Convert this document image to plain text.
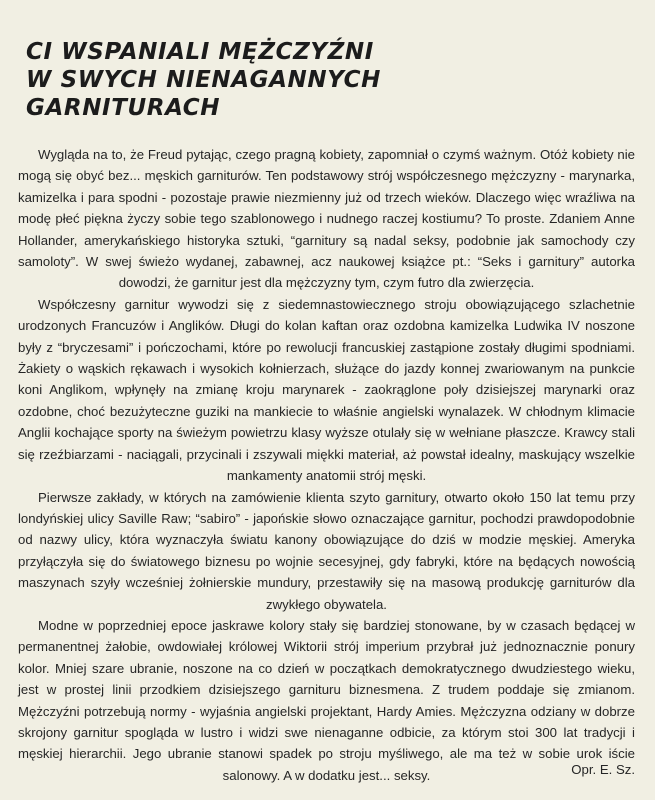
CI WSPANIALI MĘŻCZYŹNI
W SWYCH NIENAGANNYCH
GARNITURACH

Wygląda na to, że Freud pytając, czego pragną kobiety, zapomniał o czymś ważnym. Otóż kobiety nie mogą się obyć bez... męskich garniturów. Ten podstawowy strój współczesnego mężczyzny - marynarka, kamizelka i para spodni - pozostaje prawie niezmienny już od trzech wieków. Dlaczego więc wraźliwa na modę płeć piękna życzy sobie tego szablonowego i nudnego raczej kostiumu? To proste. Zdaniem Anne Hollander, amerykańskiego historyka sztuki, “garnitury są nadal seksy, podobnie jak samochody czy samoloty”. W swej świeżo wydanej, zabawnej, acz naukowej książce pt.: “Seks i garnitury” autorka dowodzi, że garnitur jest dla mężczyzny tym, czym futro dla zwierzęcia.

Współczesny garnitur wywodzi się z siedemnastowiecznego stroju obowiązującego szlachetnie urodzonych Francuzów i Anglików. Długi do kolan kaftan oraz ozdobna kamizelka Ludwika IV noszone były z “bryczesami” i pończochami, które po rewolucji francuskiej zastąpione zostały długimi spodniami. Żakiety o wąskich rękawach i wysokich kołnierzach, służące do jazdy konnej zwariowanym na punkcie koni Anglikom, wpłynęły na zmianę kroju marynarek - zaokrąglone poły dzisiejszej marynarki oraz ozdobne, choć bezużyteczne guziki na mankiecie to właśnie angielski wynalazek. W chłodnym klimacie Anglii kochające sporty na świeżym powietrzu klasy wyższe otulały się w wełniane płaszcze. Krawcy stali się rzeźbiarzami - naciągali, przycinali i zszywali miękki materiał, aż powstał idealny, maskujący wszelkie mankamenty anatomii strój męski.

Pierwsze zakłady, w których na zamówienie klienta szyto garnitury, otwarto około 150 lat temu przy londyńskiej ulicy Saville Raw; “sabiro” - japońskie słowo oznaczające garnitur, pochodzi prawdopodobnie od nazwy ulicy, która wyznaczyła światu kanony obowiązujące do dziś w modzie męskiej. Ameryka przyłączyła się do światowego biznesu po wojnie secesyjnej, gdy fabryki, które na będących nowością maszynach szyły wcześniej żołnierskie mundury, przestawiły się na masową produkcję garniturów dla zwykłego obywatela.

Modne w poprzedniej epoce jaskrawe kolory stały się bardziej stonowane, by w czasach będącej w permanentnej żałobie, owdowiałej królowej Wiktorii strój imperium przybrał już jednoznacznie ponury kolor. Mniej szare ubranie, noszone na co dzień w początkach demokratycznego dwudziestego wieku, jest w prostej linii przodkiem dzisiejszego garnituru biznesmena. Z trudem poddaje się zmianom. Mężczyźni potrzebują normy - wyjaśnia angielski projektant, Hardy Amies. Mężczyzna odziany w dobrze skrojony garnitur spogląda w lustro i widzi swe nienaganne odbicie, za którym stoi 300 lat tradycji i męskiej hierarchii. Jego ubranie stanowi spadek po stroju myśliwego, ale ma też w sobie urok iście salonowy. A w dodatku jest... seksy.	Opr. E. Sz.
